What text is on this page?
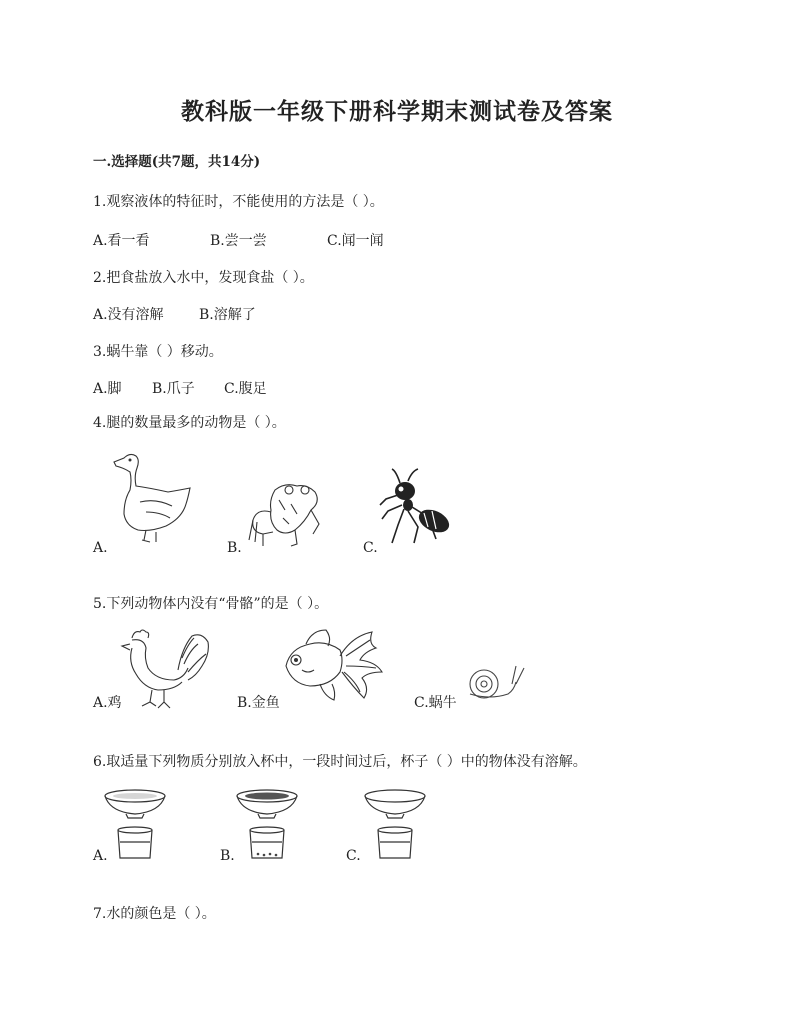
教科版一年级下册科学期末测试卷及答案
一.选择题(共7题，共14分)
1.观察液体的特征时，不能使用的方法是（ ）。
A.看一看	B.尝一尝	C.闻一闻
2.把食盐放入水中，发现食盐（ ）。
A.没有溶解	B.溶解了
3.蜗牛靠（ ）移动。
A.脚 B.爪子 C.腹足
4.腿的数量最多的动物是（ ）。
A.	B.	C.
5.下列动物体内没有“骨骼”的是（ ）。
A.鸡	B.金鱼	C.蜗牛
6.取适量下列物质分别放入杯中，一段时间过后，杯子（ ）中的物体没有溶解。
A.	B.	C.
7.水的颜色是（ ）。
